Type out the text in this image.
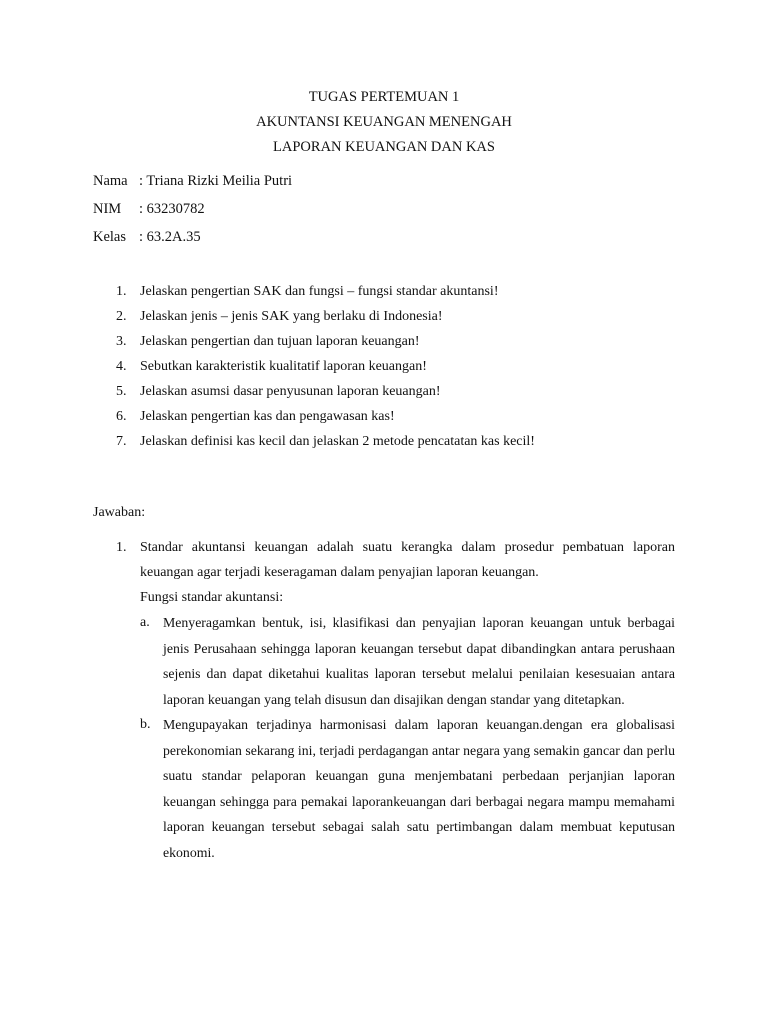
TUGAS PERTEMUAN 1
AKUNTANSI KEUANGAN MENENGAH
LAPORAN KEUANGAN DAN KAS
Nama : Triana Rizki Meilia Putri
NIM	: 63230782
Kelas : 63.2A.35
1. Jelaskan pengertian SAK dan fungsi – fungsi standar akuntansi!
2. Jelaskan jenis – jenis SAK yang berlaku di Indonesia!
3. Jelaskan pengertian dan tujuan laporan keuangan!
4. Sebutkan karakteristik kualitatif laporan keuangan!
5. Jelaskan asumsi dasar penyusunan laporan keuangan!
6. Jelaskan pengertian kas dan pengawasan kas!
7. Jelaskan definisi kas kecil dan jelaskan 2 metode pencatatan kas kecil!
Jawaban:
1. Standar akuntansi keuangan adalah suatu kerangka dalam prosedur pembatuan laporan keuangan agar terjadi keseragaman dalam penyajian laporan keuangan.

Fungsi standar akuntansi:
a. Menyeragamkan bentuk, isi, klasifikasi dan penyajian laporan keuangan untuk berbagai jenis Perusahaan sehingga laporan keuangan tersebut dapat dibandingkan antara perushaan sejenis dan dapat diketahui kualitas laporan tersebut melalui penilaian kesesuaian antara laporan keuangan yang telah disusun dan disajikan dengan standar yang ditetapkan.

b. Mengupayakan terjadinya harmonisasi dalam laporan keuangan.dengan era globalisasi perekonomian sekarang ini, terjadi perdagangan antar negara yang semakin gancar dan perlu suatu standar pelaporan keuangan guna menjembatani perbedaan perjanjian laporan keuangan sehingga para pemakai laporankeuangan dari berbagai negara mampu memahami laporan keuangan tersebut sebagai salah satu pertimbangan dalam membuat keputusan ekonomi.
